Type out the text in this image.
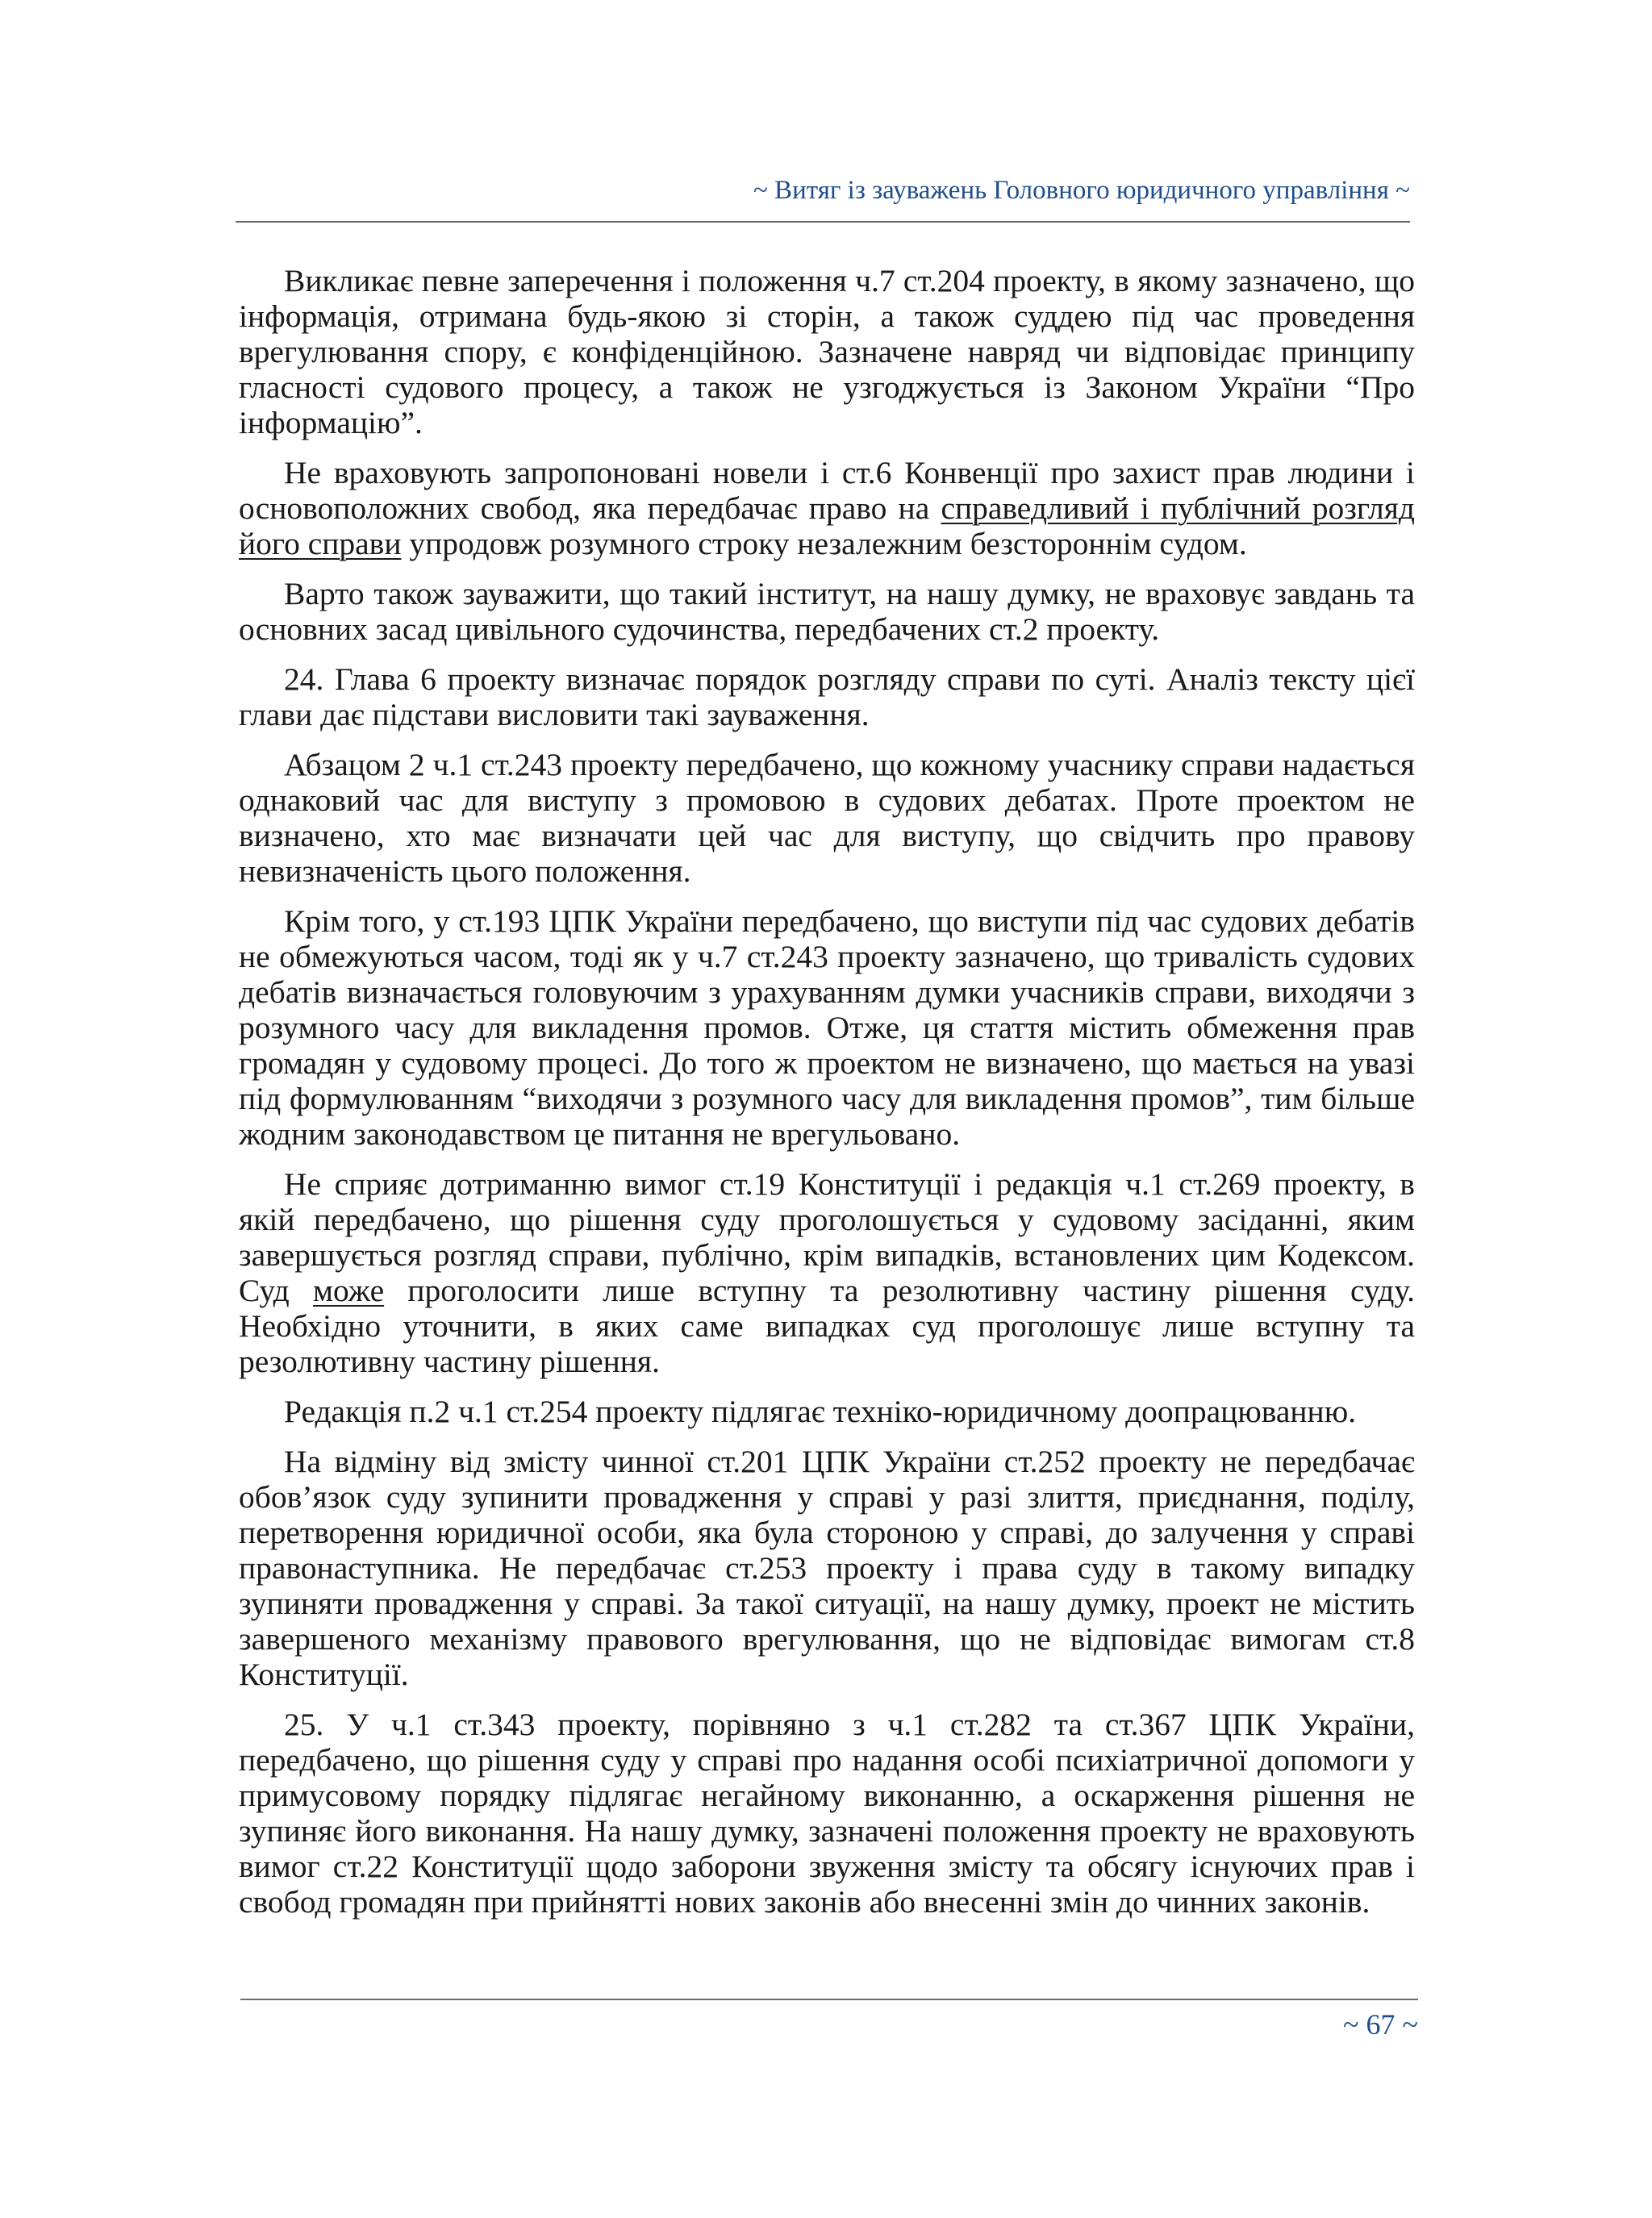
~ Витяг із зауважень Головного юридичного управління ~

Викликає певне заперечення і положення ч.7 ст.204 проекту, в якому зазначено, що інформація, отримана будь-якою зі сторін, а також суддею під час проведення врегулювання спору, є конфіденційною. Зазначене навряд чи відповідає принципу гласності судового процесу, а також не узгоджується із Законом України “Про інформацію”.

Не враховують запропоновані новели і ст.6 Конвенції про захист прав людини і основоположних свобод, яка передбачає право на справедливий і публічний розгляд його справи упродовж розумного строку незалежним безстороннім судом.

Варто також зауважити, що такий інститут, на нашу думку, не враховує завдань та основних засад цивільного судочинства, передбачених ст.2 проекту.

24. Глава 6 проекту визначає порядок розгляду справи по суті. Аналіз тексту цієї глави дає підстави висловити такі зауваження.

Абзацом 2 ч.1 ст.243 проекту передбачено, що кожному учаснику справи надається однаковий час для виступу з промовою в судових дебатах. Проте проектом не визначено, хто має визначати цей час для виступу, що свідчить про правову невизначеність цього положення.

Крім того, у ст.193 ЦПК України передбачено, що виступи під час судових дебатів не обмежуються часом, тоді як у ч.7 ст.243 проекту зазначено, що тривалість судових дебатів визначається головуючим з урахуванням думки учасників справи, виходячи з розумного часу для викладення промов. Отже, ця стаття містить обмеження прав громадян у судовому процесі. До того ж проектом не визначено, що мається на увазі під формулюванням “виходячи з розумного часу для викладення промов”, тим більше жодним законодавством це питання не врегульовано.

Не сприяє дотриманню вимог ст.19 Конституції і редакція ч.1 ст.269 проекту, в якій передбачено, що рішення суду проголошується у судовому засіданні, яким завершується розгляд справи, публічно, крім випадків, встановлених цим Кодексом. Суд може проголосити лише вступну та резолютивну частину рішення суду. Необхідно уточнити, в яких саме випадках суд проголошує лише вступну та резолютивну частину рішення.

Редакція п.2 ч.1 ст.254 проекту підлягає техніко-юридичному доопрацюванню.

На відміну від змісту чинної ст.201 ЦПК України ст.252 проекту не передбачає обов’язок суду зупинити провадження у справі у разі злиття, приєднання, поділу, перетворення юридичної особи, яка була стороною у справі, до залучення у справі правонаступника. Не передбачає ст.253 проекту і права суду в такому випадку зупиняти провадження у справі. За такої ситуації, на нашу думку, проект не містить завершеного механізму правового врегулювання, що не відповідає вимогам ст.8 Конституції.

25. У ч.1 ст.343 проекту, порівняно з ч.1 ст.282 та ст.367 ЦПК України, передбачено, що рішення суду у справі про надання особі психіатричної допомоги у примусовому порядку підлягає негайному виконанню, а оскарження рішення не зупиняє його виконання. На нашу думку, зазначені положення проекту не враховують вимог ст.22 Конституції щодо заборони звуження змісту та обсягу існуючих прав і свобод громадян при прийнятті нових законів або внесенні змін до чинних законів.

~ 67 ~
